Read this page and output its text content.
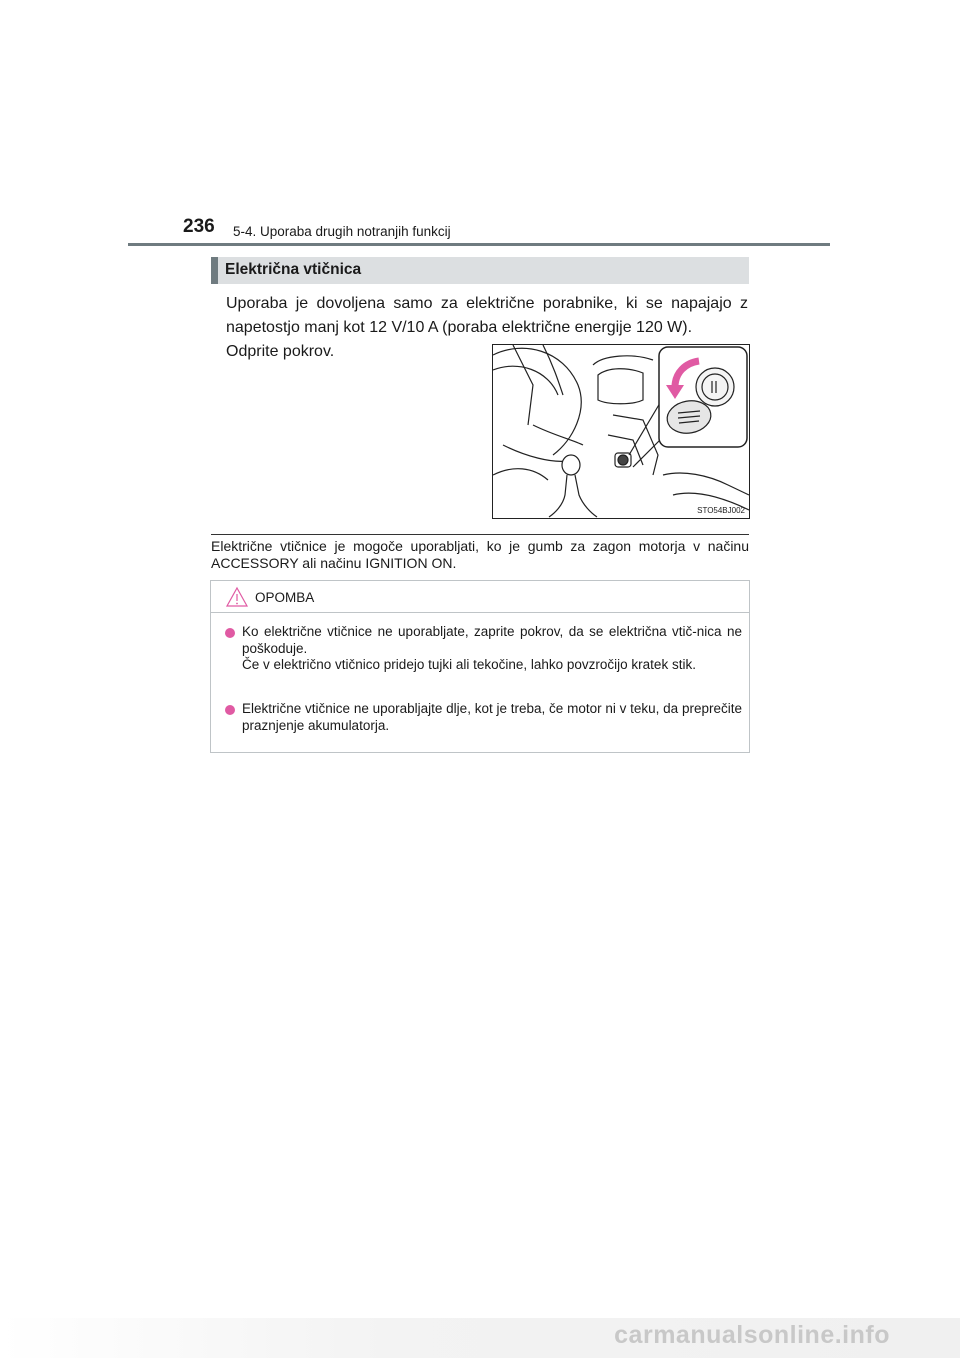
236 5-4. Uporaba drugih notranjih funkcij
Električna vtičnica
Uporaba je dovoljena samo za električne porabnike, ki se napajajo z napetostjo manj kot 12 V/10 A (poraba električne energije 120 W).
Odprite pokrov.
STO54BJ002
Električne vtičnice je mogoče uporabljati, ko je gumb za zagon motorja v načinu ACCESSORY ali načinu IGNITION ON.
OPOMBA

Ko električne vtičnice ne uporabljate, zaprite pokrov, da se električna vtič-nica ne poškoduje.

Če v električno vtičnico pridejo tujki ali tekočine, lahko povzročijo kratek stik.

Električne vtičnice ne uporabljajte dlje, kot je treba, če motor ni v teku, da preprečite praznjenje akumulatorja.

carmanualsonline.info
